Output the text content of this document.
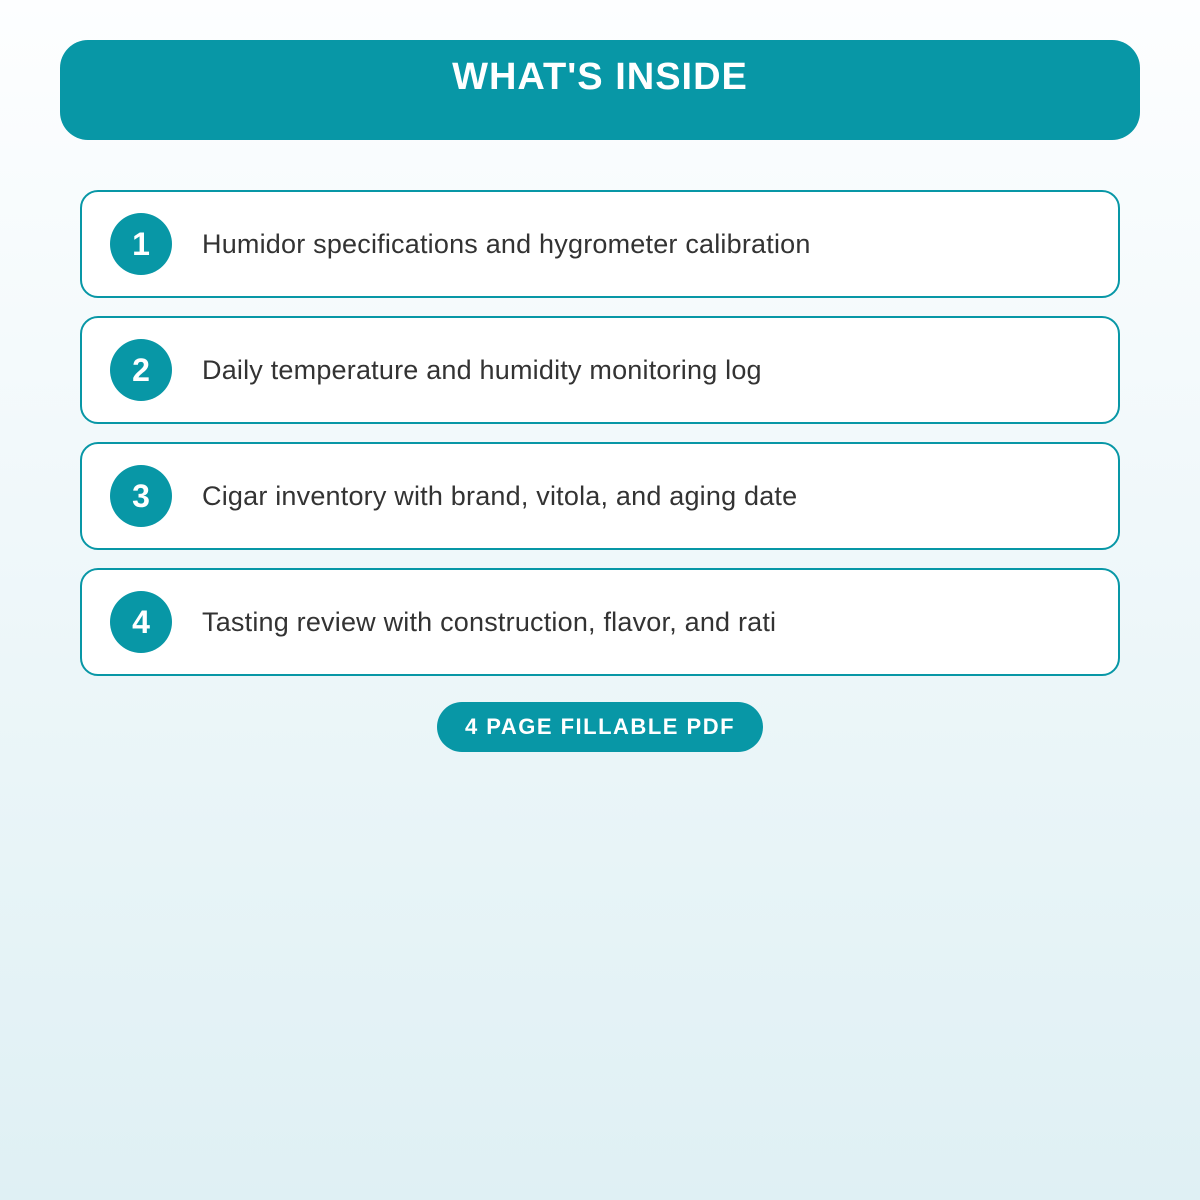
WHAT'S INSIDE
1	Humidor specifications and hygrometer calibration
2	Daily temperature and humidity monitoring log
3	Cigar inventory with brand, vitola, and aging date
4	Tasting review with construction, flavor, and rati
4 PAGE FILLABLE PDF
